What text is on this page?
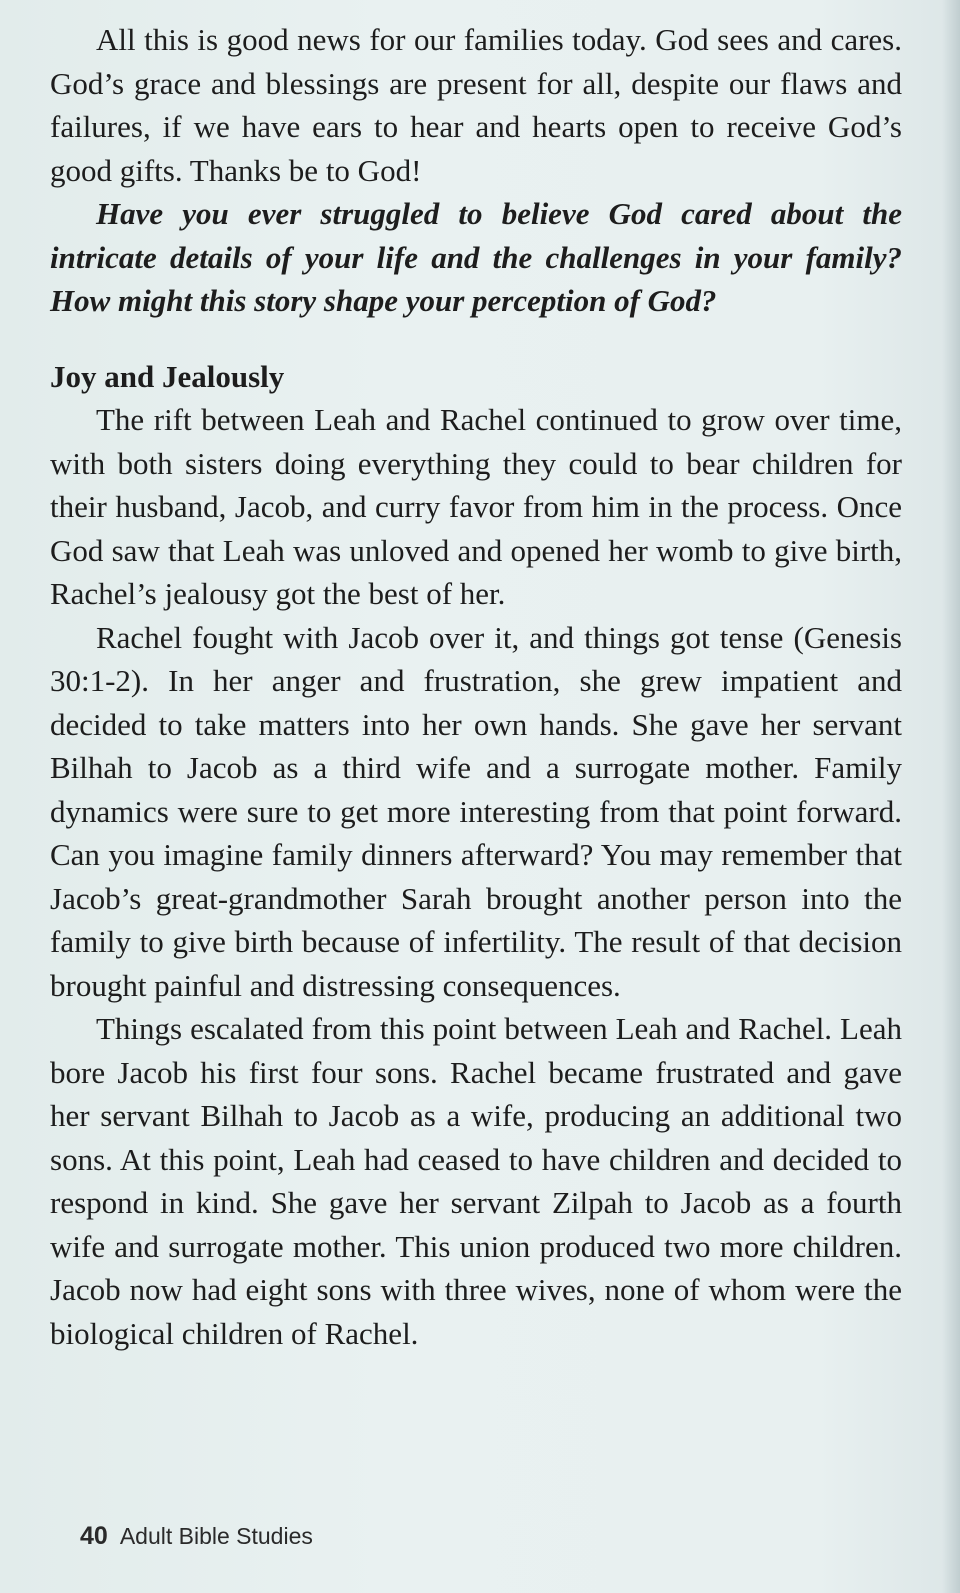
All this is good news for our families today. God sees and cares. God’s grace and blessings are present for all, despite our flaws and failures, if we have ears to hear and hearts open to receive God’s good gifts. Thanks be to God!

Have you ever struggled to believe God cared about the intricate details of your life and the challenges in your family? How might this story shape your perception of God?

Joy and Jealously

The rift between Leah and Rachel continued to grow over time, with both sisters doing everything they could to bear children for their husband, Jacob, and curry favor from him in the process. Once God saw that Leah was unloved and opened her womb to give birth, Rachel’s jealousy got the best of her.

Rachel fought with Jacob over it, and things got tense (Genesis 30:1-2). In her anger and frustration, she grew impatient and decided to take matters into her own hands. She gave her servant Bilhah to Jacob as a third wife and a surrogate mother. Family dynamics were sure to get more interesting from that point forward. Can you imagine family dinners afterward? You may remember that Jacob’s great-grandmother Sarah brought another person into the family to give birth because of infertility. The result of that decision brought painful and distressing consequences.

Things escalated from this point between Leah and Rachel. Leah bore Jacob his first four sons. Rachel became frustrated and gave her servant Bilhah to Jacob as a wife, producing an additional two sons. At this point, Leah had ceased to have children and decided to respond in kind. She gave her servant Zilpah to Jacob as a fourth wife and surrogate mother. This union produced two more children. Jacob now had eight sons with three wives, none of whom were the biological children of Rachel.

40 Adult Bible Studies
